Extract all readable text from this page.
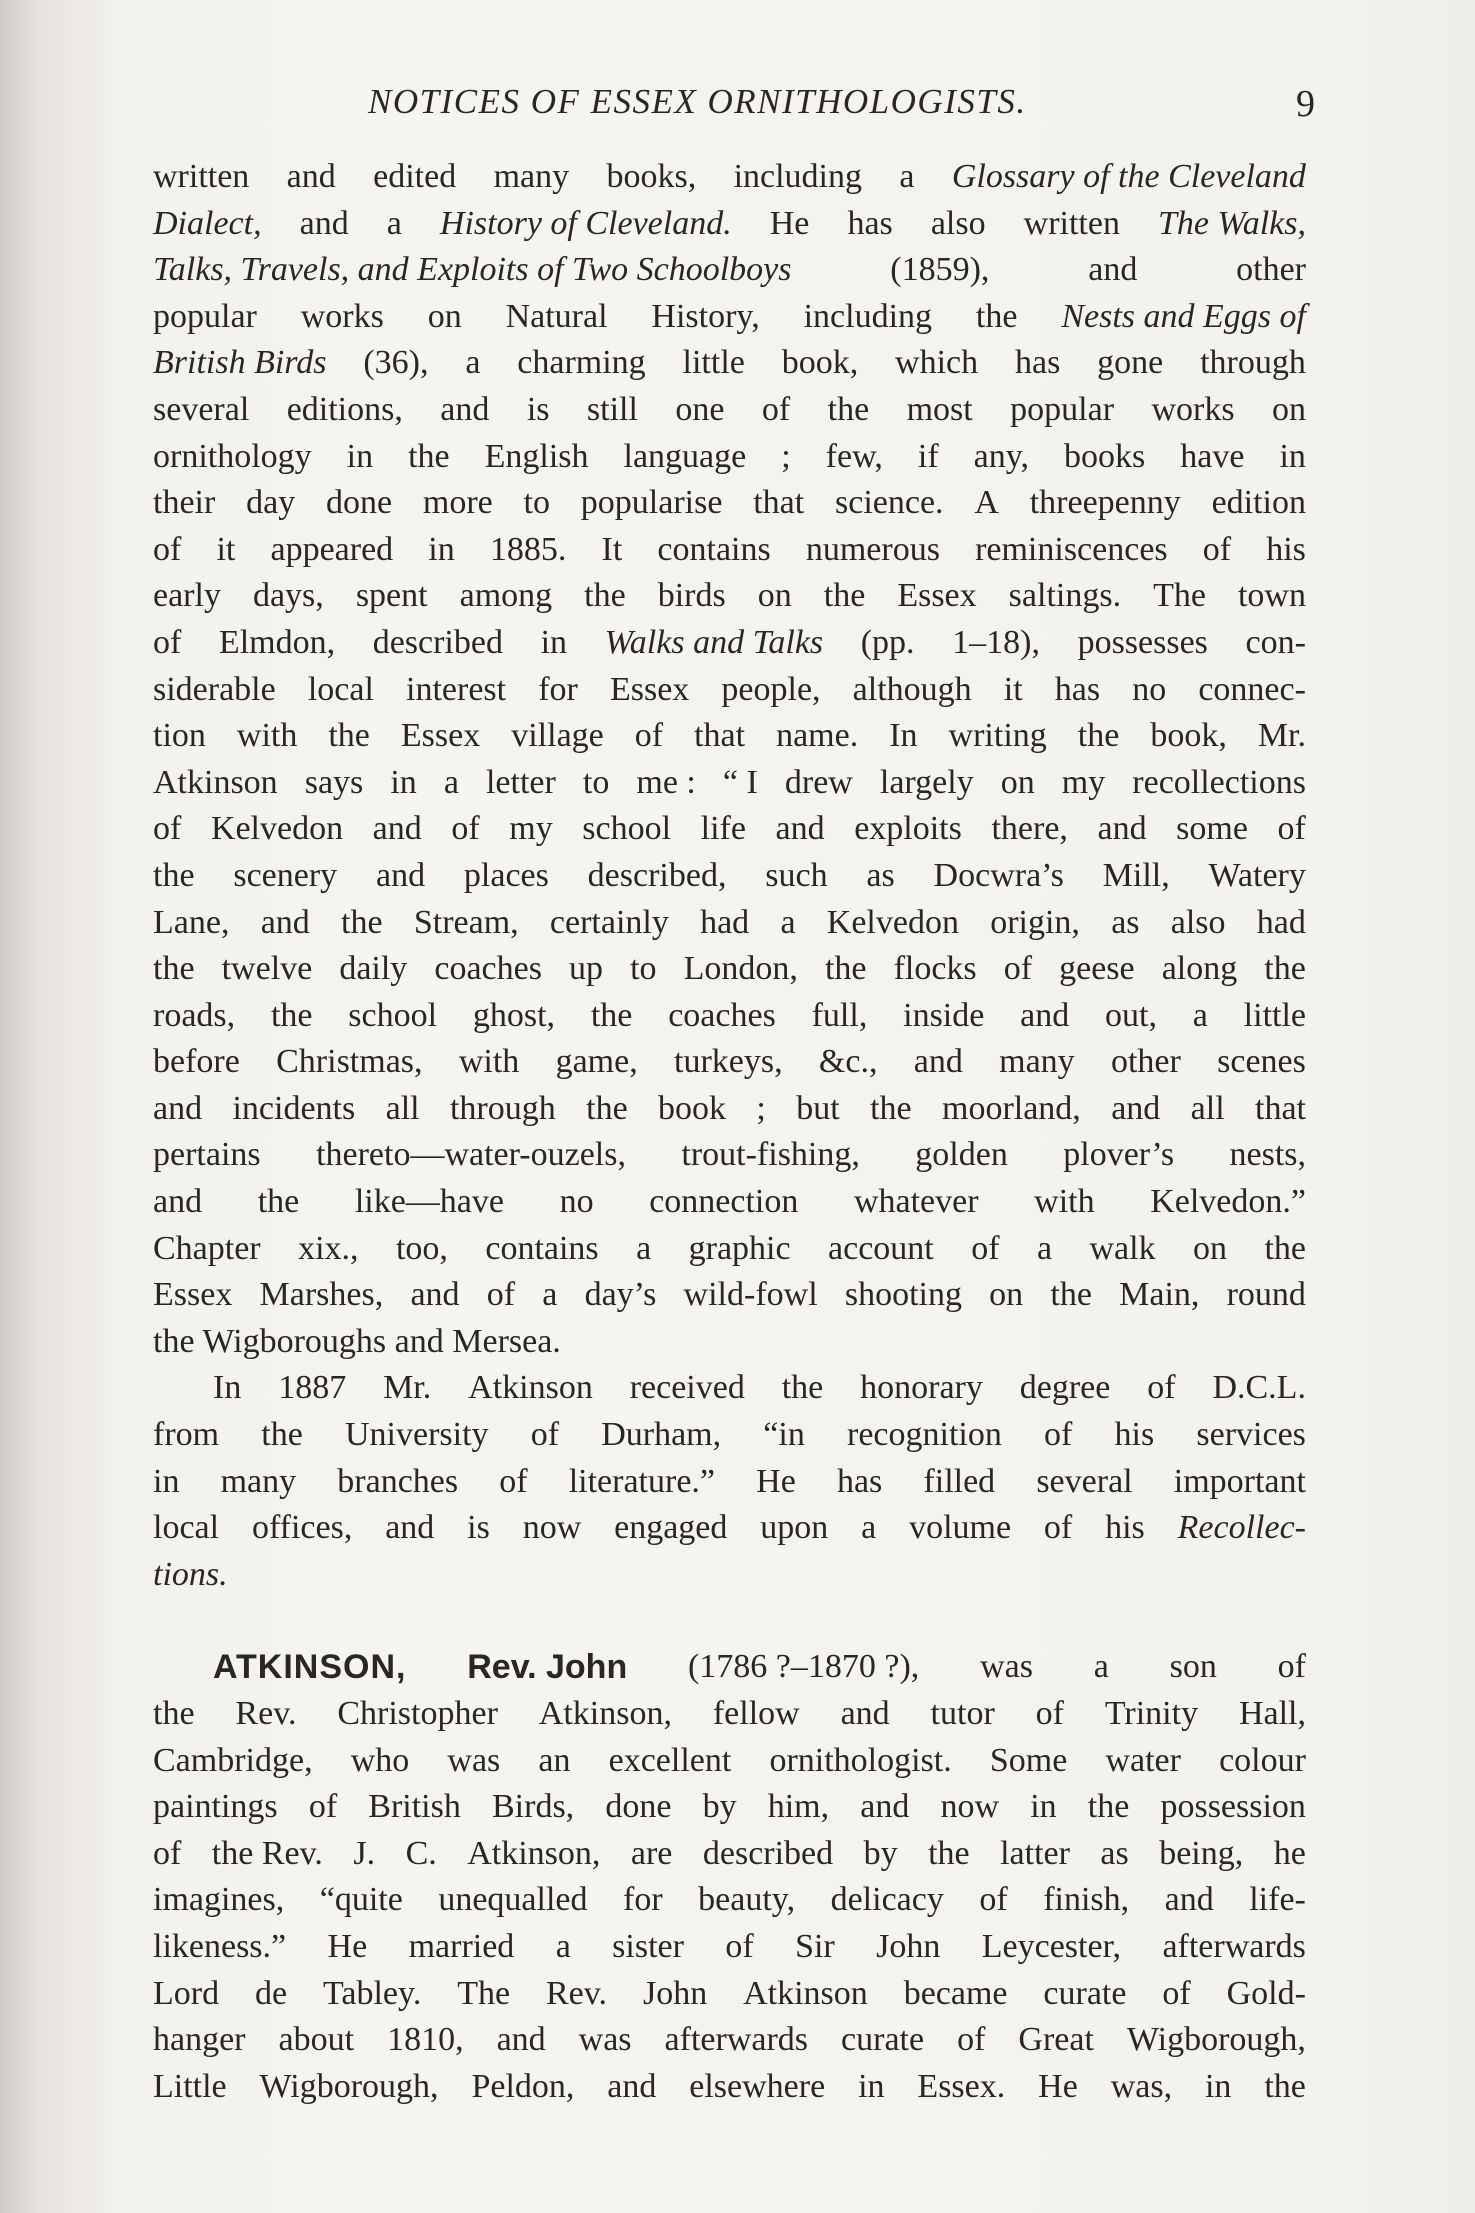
NOTICES OF ESSEX ORNITHOLOGISTS.	9
written and edited many books, including a Glossary of the Cleveland
Dialect, and a History of Cleveland. He has also written The Walks,
Talks, Travels, and Exploits of Two Schoolboys	(1859),	and	other
popular works on Natural History, including the Nests and Eggs of
British Birds (36), a charming little book, which has gone through
several editions, and is still one of the most popular works on
ornithology in the English language ; few, if any, books have in
their day done more to popularise that science. A threepenny edition
of it appeared in 1885. It contains numerous reminiscences of his
early days, spent among the birds on the Essex saltings. The town
of Elmdon, described in Walks and Talks (pp. 1–18), possesses con-
siderable local interest for Essex people, although it has no connec-
tion with the Essex village of that name. In writing the book, Mr.
Atkinson says in a letter to me : “ I drew largely on my recollections
of Kelvedon and of my school life and exploits there, and some of
the scenery and places described, such as Docwra’s Mill, Watery
Lane, and the Stream, certainly had a Kelvedon origin, as also had
the twelve daily coaches up to London, the flocks of geese along the
roads, the school ghost, the coaches full, inside and out, a little
before Christmas, with game, turkeys, &c., and many other scenes
and incidents all through the book ; but the moorland, and all that
pertains thereto—water-ouzels, trout-fishing, golden plover’s nests,
and the like—have no connection whatever with Kelvedon.”
Chapter xix., too, contains a graphic account of a walk on the
Essex Marshes, and of a day’s wild-fowl shooting on the Main, round
the Wigboroughs and Mersea.
In 1887 Mr. Atkinson received the honorary degree of D.C.L.
from the University of Durham, “in recognition of his services
in many branches of literature.” He has filled several important
local offices, and is now engaged upon a volume of his Recollec-
tions.
ATKINSON, Rev. John (1786 ?–1870 ?), was a son of
the Rev. Christopher Atkinson, fellow and tutor of Trinity Hall,
Cambridge, who was an excellent ornithologist. Some water colour
paintings of British Birds, done by him, and now in the possession
of the Rev. J. C. Atkinson, are described by the latter as being, he
imagines, “quite unequalled for beauty, delicacy of finish, and life-
likeness.” He married a sister of Sir John Leycester, afterwards
Lord de Tabley. The Rev. John Atkinson became curate of Gold-
hanger about 1810, and was afterwards curate of Great Wigborough,
Little Wigborough, Peldon, and elsewhere in Essex. He was, in the
